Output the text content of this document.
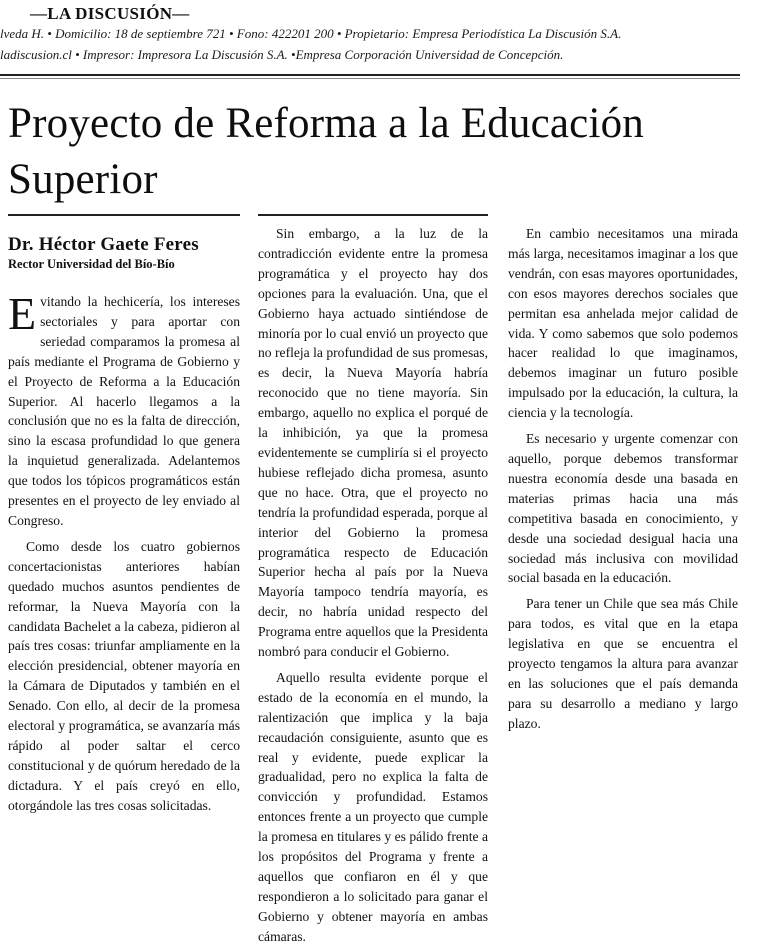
—LA DISCUSIÓN—
lveda H. • Domicilio: 18 de septiembre 721 • Fono: 422201 200 • Propietario: Empresa Periodística La Discusión S.A.
ladiscusion.cl • Impresor: Impresora La Discusión S.A. •Empresa Corporación Universidad de Concepción.
Proyecto de Reforma a la Educación Superior
Dr. Héctor Gaete Feres
Rector Universidad del Bío-Bío

Evitando la hechicería, los intereses sectoriales y para aportar con seriedad comparamos la promesa al país mediante el Programa de Gobierno y el Proyecto de Reforma a la Educación Superior. Al hacerlo llegamos a la conclusión que no es la falta de dirección, sino la escasa profundidad lo que genera la inquietud generalizada. Adelantemos que todos los tópicos programáticos están presentes en el proyecto de ley enviado al Congreso.

Como desde los cuatro gobiernos concertacionistas anteriores habían quedado muchos asuntos pendientes de reformar, la Nueva Mayoría con la candidata Bachelet a la cabeza, pidieron al país tres cosas: triunfar ampliamente en la elección presidencial, obtener mayoría en la Cámara de Diputados y también en el Senado. Con ello, al decir de la promesa electoral y programática, se avanzaría más rápido al poder saltar el cerco constitucional y de quórum heredado de la dictadura. Y el país creyó en ello, otorgándole las tres cosas solicitadas.

Sin embargo, a la luz de la contradicción evidente entre la promesa programática y el proyecto hay dos opciones para la evaluación. Una, que el Gobierno haya actuado sintiéndose de minoría por lo cual envió un proyecto que no refleja la profundidad de sus promesas, es decir, la Nueva Mayoría habría reconocido que no tiene mayoría. Sin embargo, aquello no explica el porqué de la inhibición, ya que la promesa evidentemente se cumpliría si el proyecto hubiese reflejado dicha promesa, asunto que no hace. Otra, que el proyecto no tendría la profundidad esperada, porque al interior del Gobierno la promesa programática respecto de Educación Superior hecha al país por la Nueva Mayoría tampoco tendría mayoría, es decir, no habría unidad respecto del Programa entre aquellos que la Presidenta nombró para conducir el Gobierno.

Aquello resulta evidente porque el estado de la economía en el mundo, la ralentización que implica y la baja recaudación consiguiente, asunto que es real y evidente, puede explicar la gradualidad, pero no explica la falta de convicción y profundidad. Estamos entonces frente a un proyecto que cumple la promesa en titulares y es pálido frente a los propósitos del Programa y frente a aquellos que confiaron en él y que respondieron a lo solicitado para ganar el Gobierno y obtener mayoría en ambas cámaras.

En cambio necesitamos una mirada más larga, necesitamos imaginar a los que vendrán, con esas mayores oportunidades, con esos mayores derechos sociales que permitan esa anhelada mejor calidad de vida. Y como sabemos que solo podemos hacer realidad lo que imaginamos, debemos imaginar un futuro posible impulsado por la educación, la cultura, la ciencia y la tecnología.

Es necesario y urgente comenzar con aquello, porque debemos transformar nuestra economía desde una basada en materias primas hacia una más competitiva basada en conocimiento, y desde una sociedad desigual hacia una sociedad más inclusiva con movilidad social basada en la educación.

Para tener un Chile que sea más Chile para todos, es vital que en la etapa legislativa en que se encuentra el proyecto tengamos la altura para avanzar en las soluciones que el país demanda para su desarrollo a mediano y largo plazo.
